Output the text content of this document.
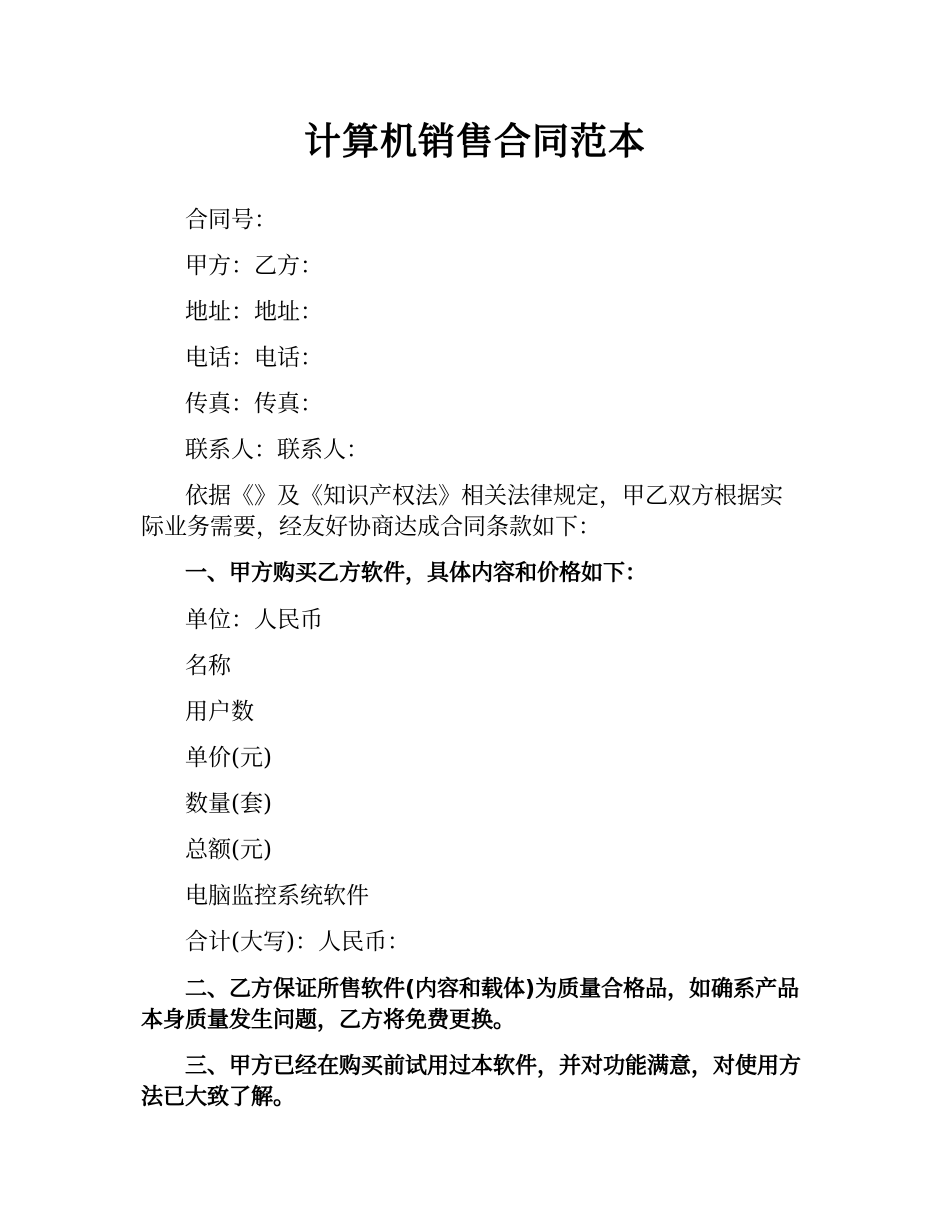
计算机销售合同范本
合同号：
甲方：乙方：
地址：地址：
电话：电话：
传真：传真：
联系人：联系人：
依据《》及《知识产权法》相关法律规定，甲乙双方根据实际业务需要，经友好协商达成合同条款如下：
一、甲方购买乙方软件，具体内容和价格如下：
单位：人民币
名称
用户数
单价(元)
数量(套)
总额(元)
电脑监控系统软件
合计(大写)：人民币：
二、乙方保证所售软件(内容和载体)为质量合格品，如确系产品本身质量发生问题，乙方将免费更换。
三、甲方已经在购买前试用过本软件，并对功能满意，对使用方法已大致了解。
